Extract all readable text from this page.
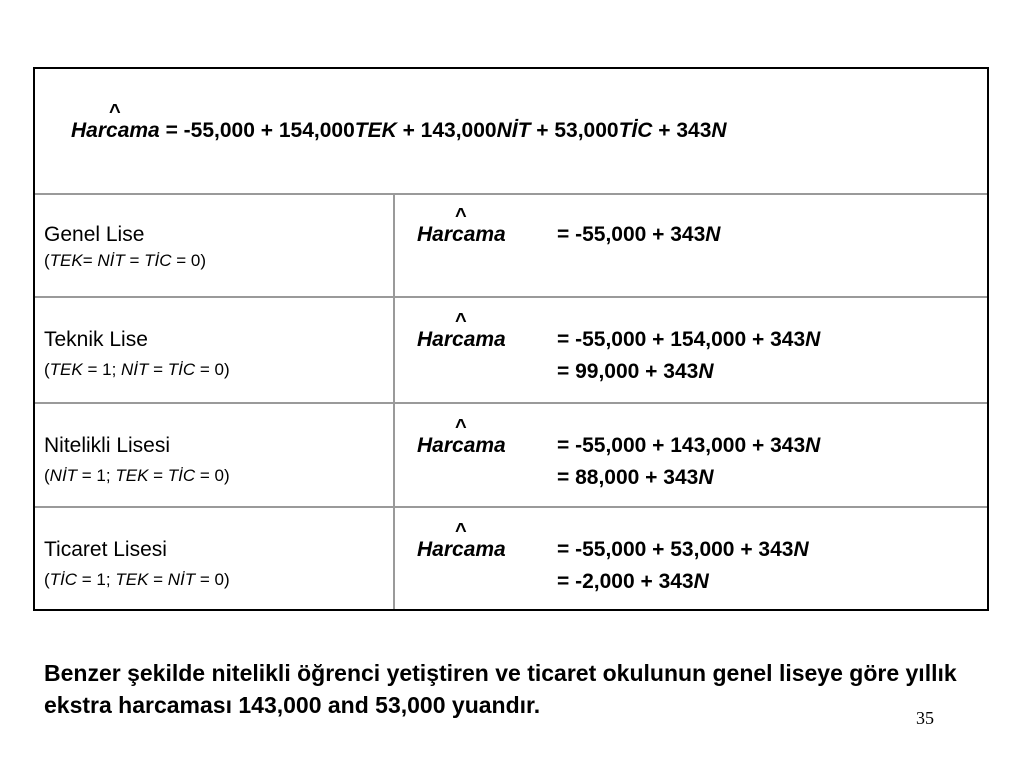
Har
^
cama = -55,000 + 154,000TEK + 143,000NİT + 53,000TİC + 343N
Genel Lise
(TEK= NİT = TİC = 0)
Har
^
cama = -55,000 + 343N
Teknik Lise
(TEK = 1; NİT = TİC = 0)
Har
^
cama = -55,000 + 154,000 + 343N
= 99,000 + 343N
Nitelikli Lisesi
(NİT = 1; TEK = TİC = 0)
Har
^
cama = -55,000 + 143,000 + 343N
= 88,000 + 343N
Ticaret Lisesi
(TİC = 1; TEK = NİT = 0)
Har
^
cama = -55,000 + 53,000 + 343N
= -2,000 + 343N
Benzer şekilde nitelikli öğrenci yetiştiren ve ticaret okulunun genel liseye göre yıllık ekstra harcaması 143,000 and 53,000 yuandır.	35
